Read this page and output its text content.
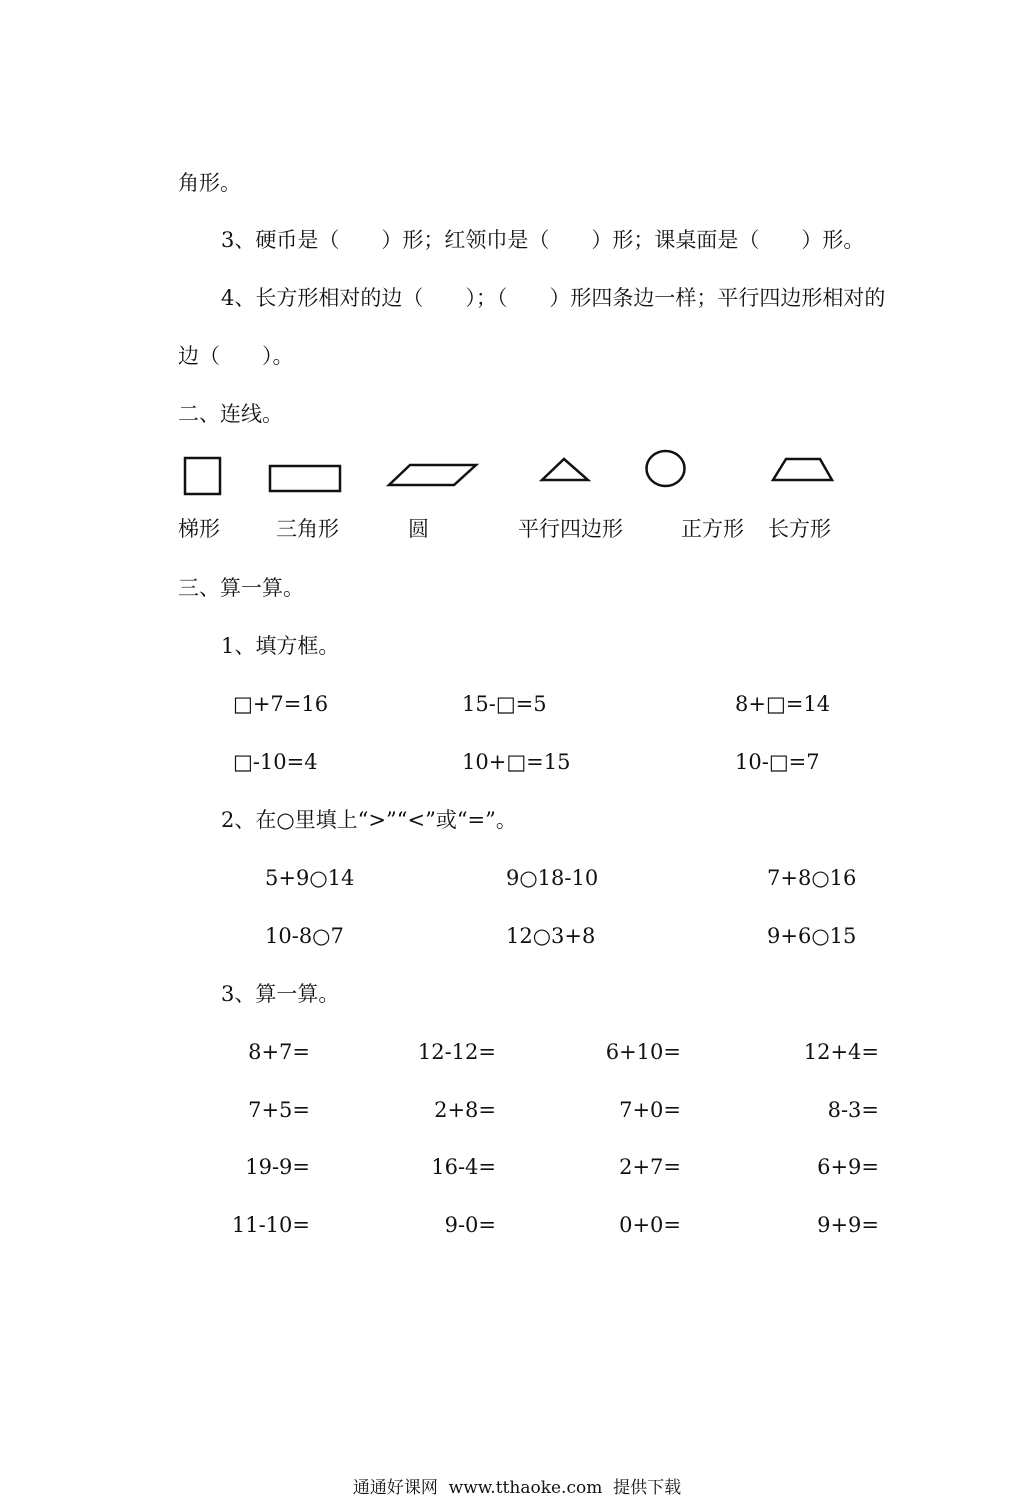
角形。
3、硬币是（　　）形；红领巾是（　　）形；课桌面是（　　）形。
4、长方形相对的边（　　）；（　　）形四条边一样；平行四边形相对的
边（　　）。
二、连线。
梯形	三角形	圆	平行四边形	正方形 长方形
三、算一算。
1、填方框。
□+7=16	15-□=5	8+□=14
□-10=4	10+□=15	10-□=7
2、在○里填上“>”“<”或“=”。
5+9○14	9○18-10	7+8○16
10-8○7	12○3+8	9+6○15
3、算一算。
8+7=	12-12=	6+10=	12+4=
7+5=	2+8=	7+0=	8-3=
19-9=	16-4=	2+7=	6+9=
11-10=	9-0=	0+0=	9+9=
通通好课网  www.tthaoke.com  提供下载
